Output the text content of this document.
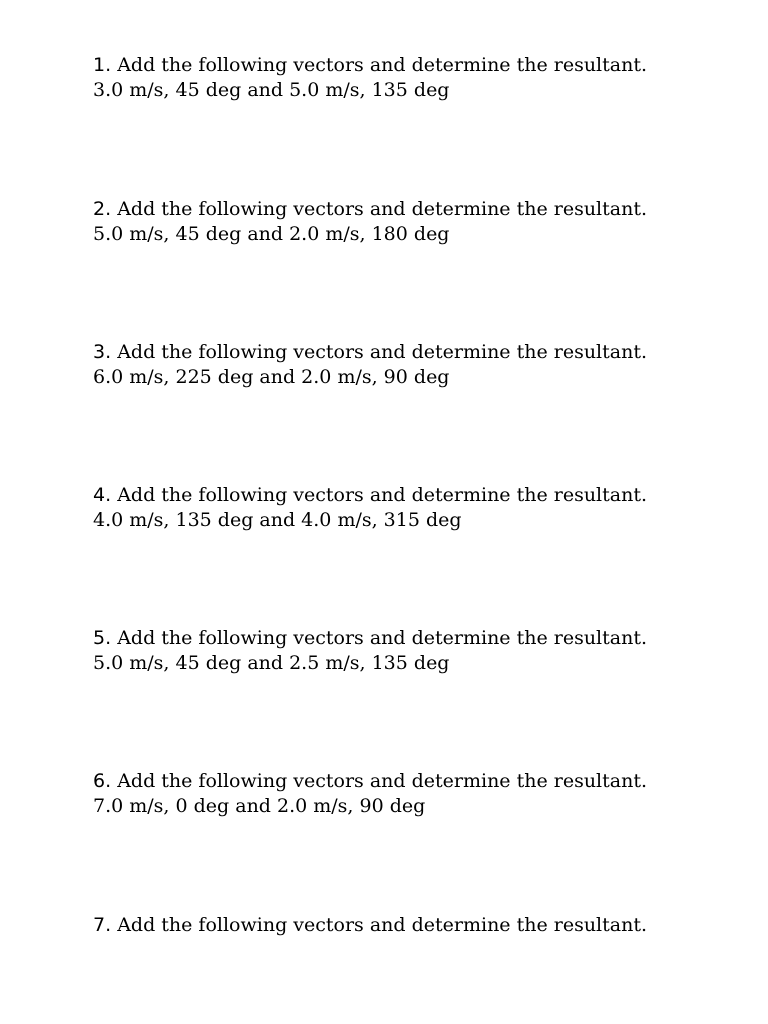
1. Add the following vectors and determine the resultant.
3.0 m/s, 45 deg and 5.0 m/s, 135 deg
2. Add the following vectors and determine the resultant.
5.0 m/s, 45 deg and 2.0 m/s, 180 deg
3. Add the following vectors and determine the resultant.
6.0 m/s, 225 deg and 2.0 m/s, 90 deg
4. Add the following vectors and determine the resultant.
4.0 m/s, 135 deg and 4.0 m/s, 315 deg
5. Add the following vectors and determine the resultant.
5.0 m/s, 45 deg and 2.5 m/s, 135 deg
6. Add the following vectors and determine the resultant.
7.0 m/s, 0 deg and 2.0 m/s, 90 deg
7. Add the following vectors and determine the resultant.
